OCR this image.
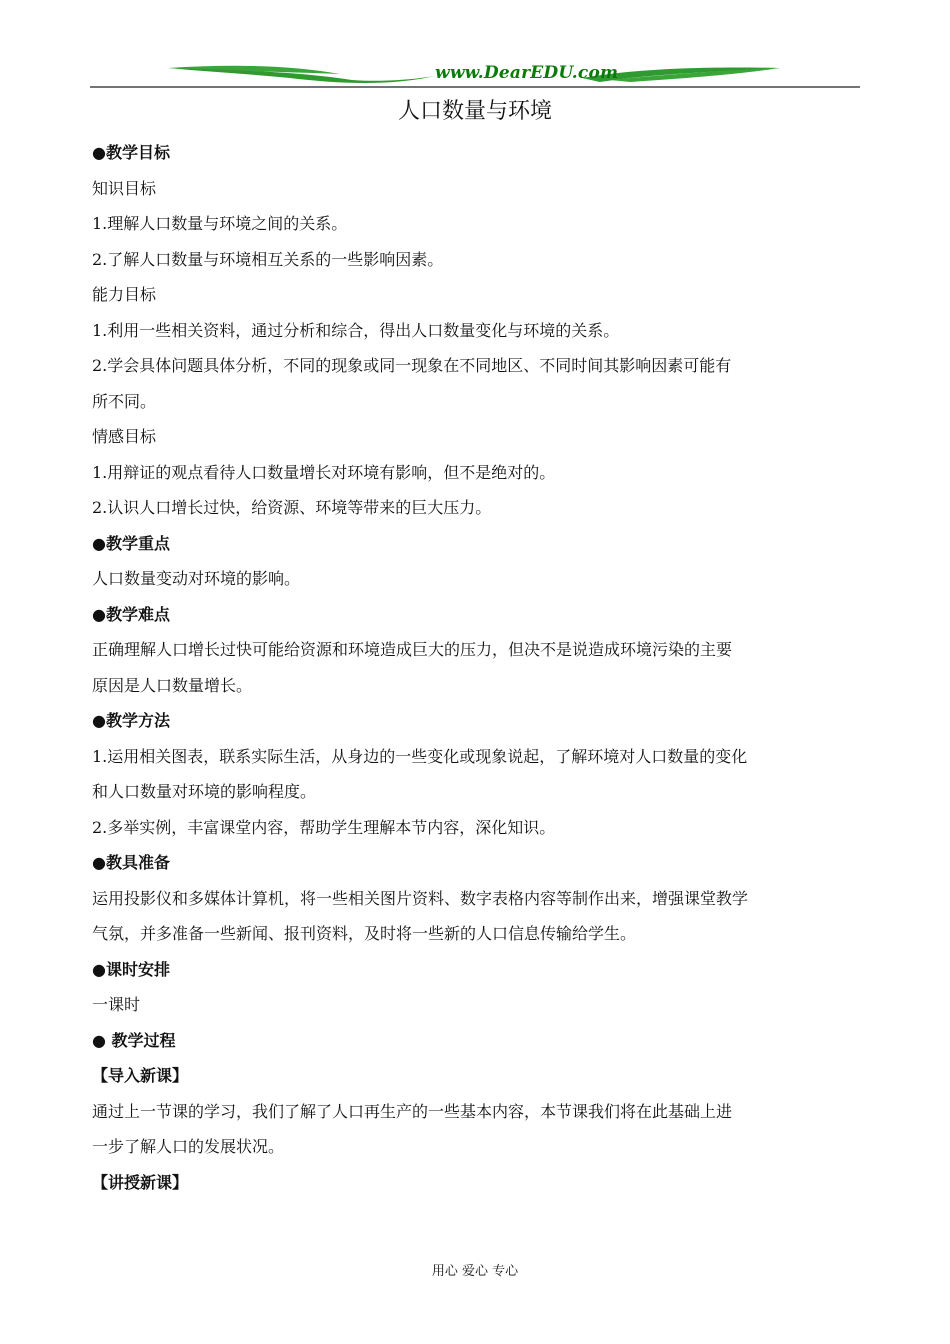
www.DearEDU.com
人口数量与环境
●教学目标
知识目标
1.理解人口数量与环境之间的关系。
2.了解人口数量与环境相互关系的一些影响因素。
能力目标
1.利用一些相关资料，通过分析和综合，得出人口数量变化与环境的关系。
2.学会具体问题具体分析，不同的现象或同一现象在不同地区、不同时间其影响因素可能有
所不同。
情感目标
1.用辩证的观点看待人口数量增长对环境有影响，但不是绝对的。
2.认识人口增长过快，给资源、环境等带来的巨大压力。
●教学重点
人口数量变动对环境的影响。
●教学难点
正确理解人口增长过快可能给资源和环境造成巨大的压力，但决不是说造成环境污染的主要
原因是人口数量增长。
●教学方法
1.运用相关图表，联系实际生活，从身边的一些变化或现象说起，了解环境对人口数量的变化
和人口数量对环境的影响程度。
2.多举实例，丰富课堂内容，帮助学生理解本节内容，深化知识。
●教具准备
运用投影仪和多媒体计算机，将一些相关图片资料、数字表格内容等制作出来，增强课堂教学
气氛，并多准备一些新闻、报刊资料，及时将一些新的人口信息传输给学生。
●课时安排
一课时
● 教学过程
【导入新课】
通过上一节课的学习，我们了解了人口再生产的一些基本内容，本节课我们将在此基础上进
一步了解人口的发展状况。
【讲授新课】
用心 爱心 专心
